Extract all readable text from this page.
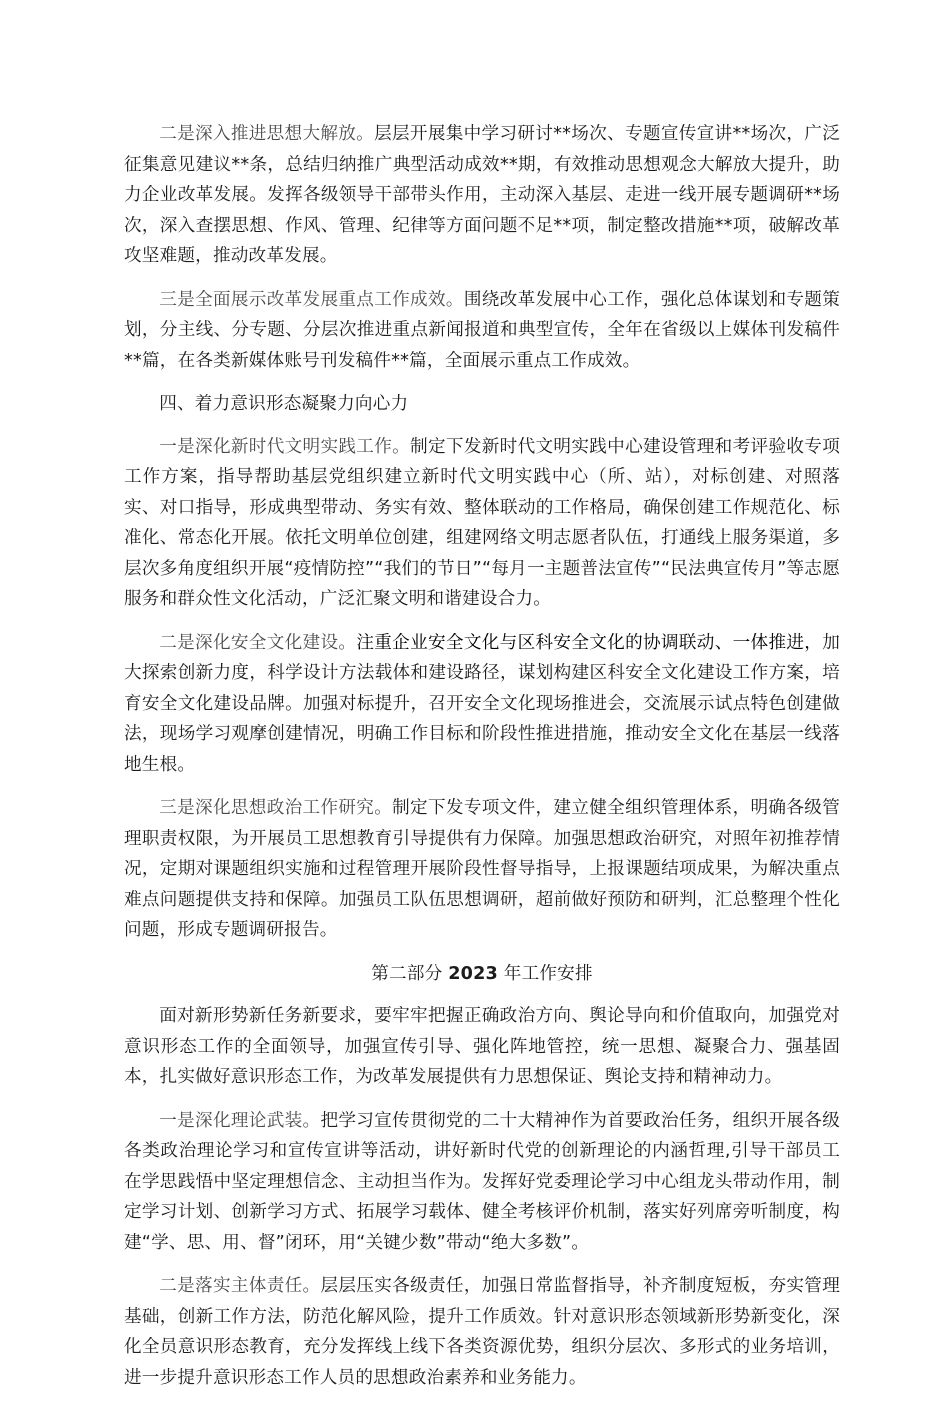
二是深入推进思想大解放。层层开展集中学习研讨**场次、专题宣传宣讲**场次，广泛征集意见建议**条，总结归纳推广典型活动成效**期，有效推动思想观念大解放大提升，助力企业改革发展。发挥各级领导干部带头作用，主动深入基层、走进一线开展专题调研**场次，深入查摆思想、作风、管理、纪律等方面问题不足**项，制定整改措施**项，破解改革攻坚难题，推动改革发展。

三是全面展示改革发展重点工作成效。围绕改革发展中心工作，强化总体谋划和专题策划，分主线、分专题、分层次推进重点新闻报道和典型宣传，全年在省级以上媒体刊发稿件**篇，在各类新媒体账号刊发稿件**篇，全面展示重点工作成效。

四、着力意识形态凝聚力向心力

一是深化新时代文明实践工作。制定下发新时代文明实践中心建设管理和考评验收专项工作方案，指导帮助基层党组织建立新时代文明实践中心（所、站），对标创建、对照落实、对口指导，形成典型带动、务实有效、整体联动的工作格局，确保创建工作规范化、标准化、常态化开展。依托文明单位创建，组建网络文明志愿者队伍，打通线上服务渠道，多层次多角度组织开展“疫情防控”“我们的节日”“每月一主题普法宣传”“民法典宣传月”等志愿服务和群众性文化活动，广泛汇聚文明和谐建设合力。

二是深化安全文化建设。注重企业安全文化与区科安全文化的协调联动、一体推进，加大探索创新力度，科学设计方法载体和建设路径，谋划构建区科安全文化建设工作方案，培育安全文化建设品牌。加强对标提升，召开安全文化现场推进会，交流展示试点特色创建做法，现场学习观摩创建情况，明确工作目标和阶段性推进措施，推动安全文化在基层一线落地生根。

三是深化思想政治工作研究。制定下发专项文件，建立健全组织管理体系，明确各级管理职责权限，为开展员工思想教育引导提供有力保障。加强思想政治研究，对照年初推荐情况，定期对课题组织实施和过程管理开展阶段性督导指导，上报课题结项成果，为解决重点难点问题提供支持和保障。加强员工队伍思想调研，超前做好预防和研判，汇总整理个性化问题，形成专题调研报告。

第二部分 2023 年工作安排

面对新形势新任务新要求，要牢牢把握正确政治方向、舆论导向和价值取向，加强党对意识形态工作的全面领导，加强宣传引导、强化阵地管控，统一思想、凝聚合力、强基固本，扎实做好意识形态工作，为改革发展提供有力思想保证、舆论支持和精神动力。

一是深化理论武装。把学习宣传贯彻党的二十大精神作为首要政治任务，组织开展各级各类政治理论学习和宣传宣讲等活动，讲好新时代党的创新理论的内涵哲理,引导干部员工在学思践悟中坚定理想信念、主动担当作为。发挥好党委理论学习中心组龙头带动作用，制定学习计划、创新学习方式、拓展学习载体、健全考核评价机制，落实好列席旁听制度，构建“学、思、用、督”闭环，用“关键少数”带动“绝大多数”。

二是落实主体责任。层层压实各级责任，加强日常监督指导，补齐制度短板，夯实管理基础，创新工作方法，防范化解风险，提升工作质效。针对意识形态领域新形势新变化，深化全员意识形态教育，充分发挥线上线下各类资源优势，组织分层次、多形式的业务培训，进一步提升意识形态工作人员的思想政治素养和业务能力。
